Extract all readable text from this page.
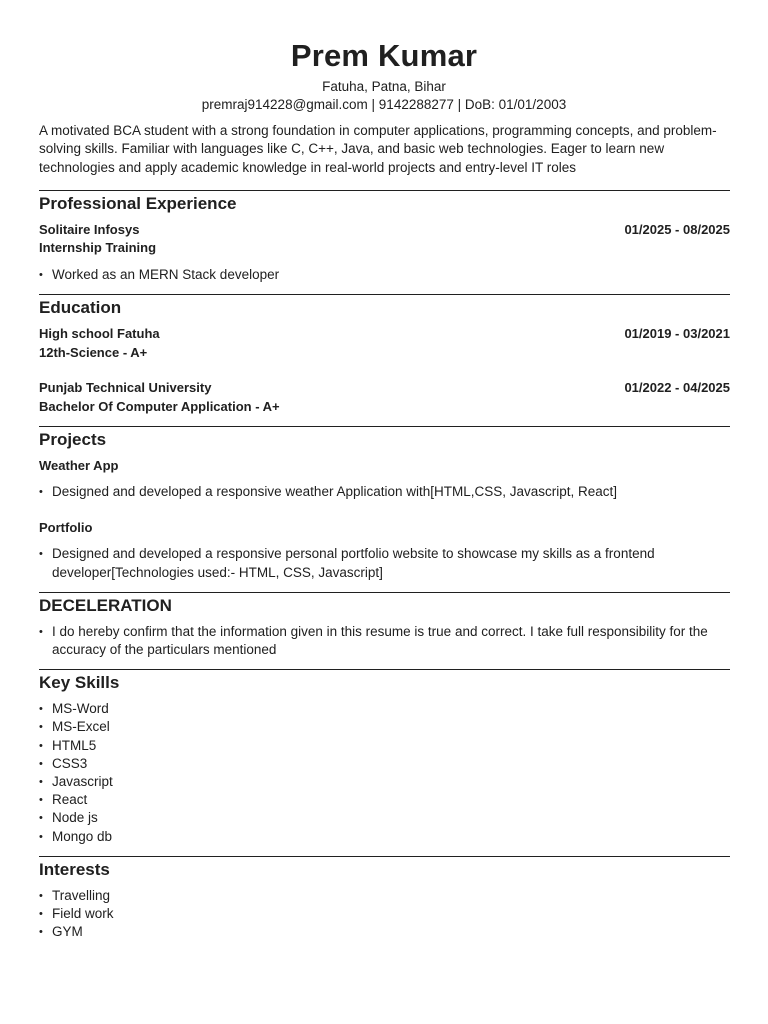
Prem Kumar

Fatuha, Patna, Bihar

premraj914228@gmail.com | 9142288277 | DoB: 01/01/2003

A motivated BCA student with a strong foundation in computer applications, programming concepts, and problem-solving skills. Familiar with languages like C, C++, Java, and basic web technologies. Eager to learn new technologies and apply academic knowledge in real-world projects and entry-level IT roles

Professional Experience
Solitaire Infosys	01/2025 - 08/2025
Internship Training
• Worked as an MERN Stack developer
Education
High school Fatuha	01/2019 - 03/2021
12th-Science - A+
Punjab Technical University	01/2022 - 04/2025
Bachelor Of Computer Application - A+
Projects
Weather App
• Designed and developed a responsive weather Application with[HTML,CSS, Javascript, React]
Portfolio
• Designed and developed a responsive personal portfolio website to showcase my skills as a frontend developer[Technologies used:- HTML, CSS, Javascript]
DECELERATION
• I do hereby confirm that the information given in this resume is true and correct. I take full responsibility for the accuracy of the particulars mentioned
Key Skills
• MS-Word
• MS-Excel
• HTML5
• CSS3
• Javascript
• React
• Node js
• Mongo db
Interests
• Travelling
• Field work
• GYM
